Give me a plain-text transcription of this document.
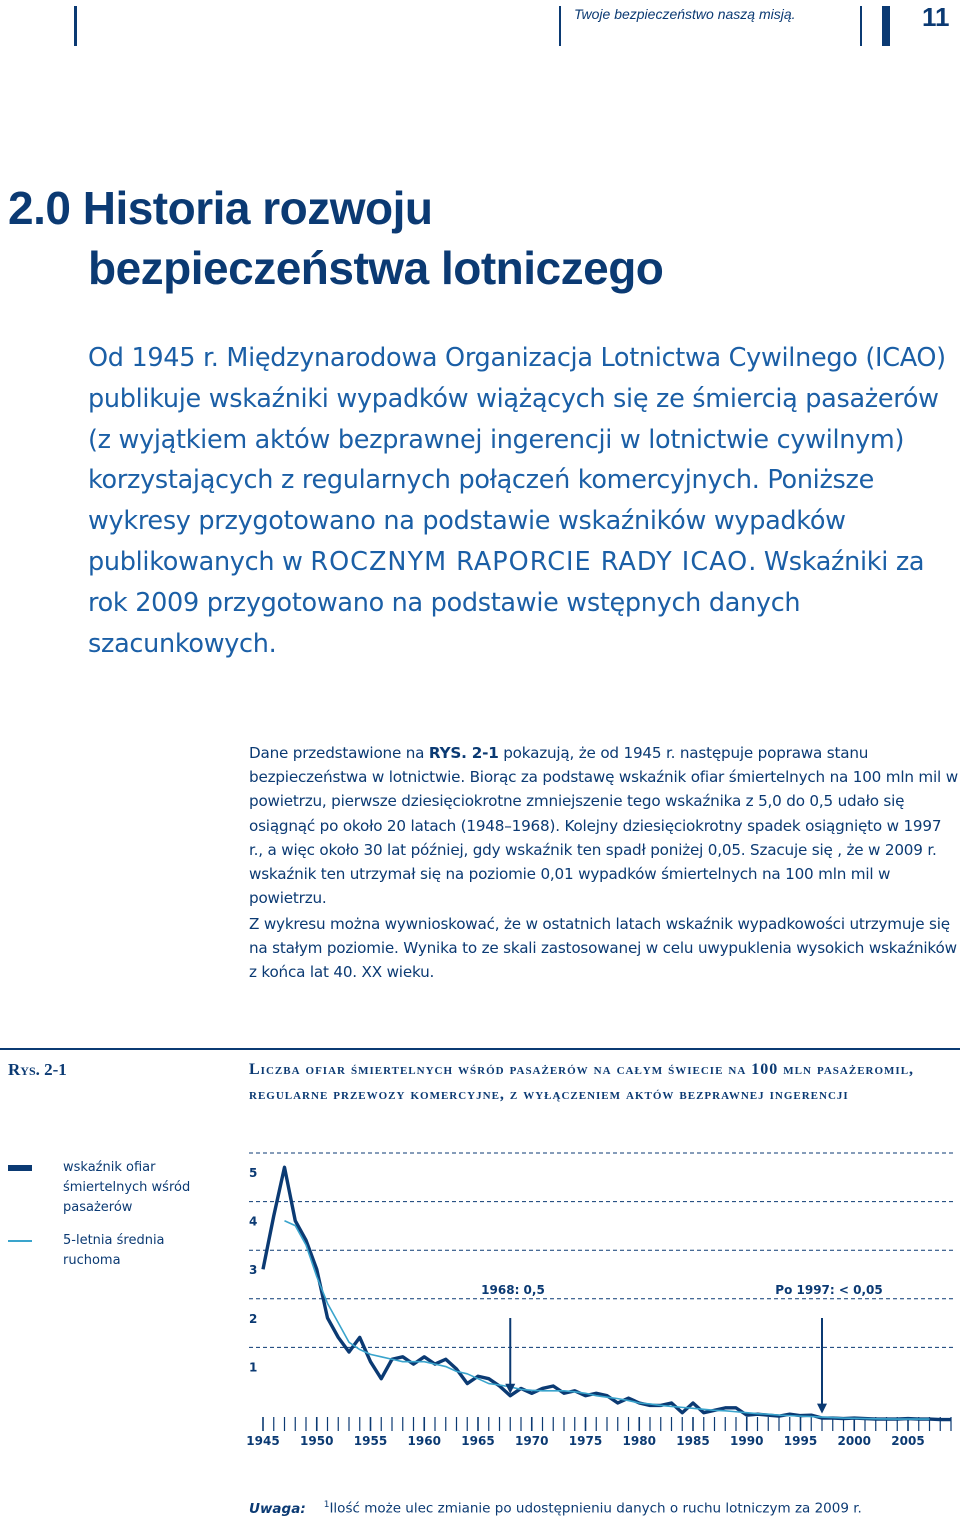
Twoje bezpieczeństwo naszą misją.	11
2.0 Historia rozwoju
bezpieczeństwa lotniczego
Od 1945 r. Międzynarodowa Organizacja Lotnictwa Cywilnego (ICAO) publikuje wskaźniki wypadków wiążących się ze śmiercią pasażerów (z wyjątkiem aktów bezprawnej ingerencji w lotnictwie cywilnym) korzystających z regularnych połączeń komercyjnych. Poniższe wykresy przygotowano na podstawie wskaźników wypadków publikowanych w ROCZNYM RAPORCIE RADY ICAO. Wskaźniki za rok 2009 przygotowano na podstawie wstępnych danych szacunkowych.
Dane przedstawione na RYS. 2-1 pokazują, że od 1945 r. następuje poprawa stanu bezpieczeństwa w lotnictwie. Biorąc za podstawę wskaźnik ofiar śmiertelnych na 100 mln mil w powietrzu, pierwsze dziesięciokrotne zmniejszenie tego wskaźnika z 5,0 do 0,5 udało się osiągnąć po około 20 latach (1948–1968). Kolejny dziesięciokrotny spadek osiągnięto w 1997 r., a więc około 30 lat później, gdy wskaźnik ten spadł poniżej 0,05. Szacuje się , że w 2009 r. wskaźnik ten utrzymał się na poziomie 0,01 wypadków śmiertelnych na 100 mln mil w powietrzu.
Z wykresu można wywnioskować, że w ostatnich latach wskaźnik wypadkowości utrzymuje się na stałym poziomie. Wynika to ze skali zastosowanej w celu uwypuklenia wysokich wskaźników z końca lat 40. XX wieku.
Rys. 2-1	Liczba ofiar śmiertelnych wśród pasażerów na całym świecie na 100 mln pasażeromil, regularne przewozy komercyjne, z wyłączeniem aktów bezprawnej ingerencji
wskaźnik ofiar śmiertelnych wśród pasażerów
5-letnia średnia ruchoma
1
2
3
4
5
1945 1950 1955 1960 1965 1970 1975 1980 1985 1990 1995 2000 2005
1968: 0,5	Po 1997: < 0,05
Uwaga: $^1$Ilość może ulec zmianie po udostępnieniu danych o ruchu lotniczym za 2009 r.
